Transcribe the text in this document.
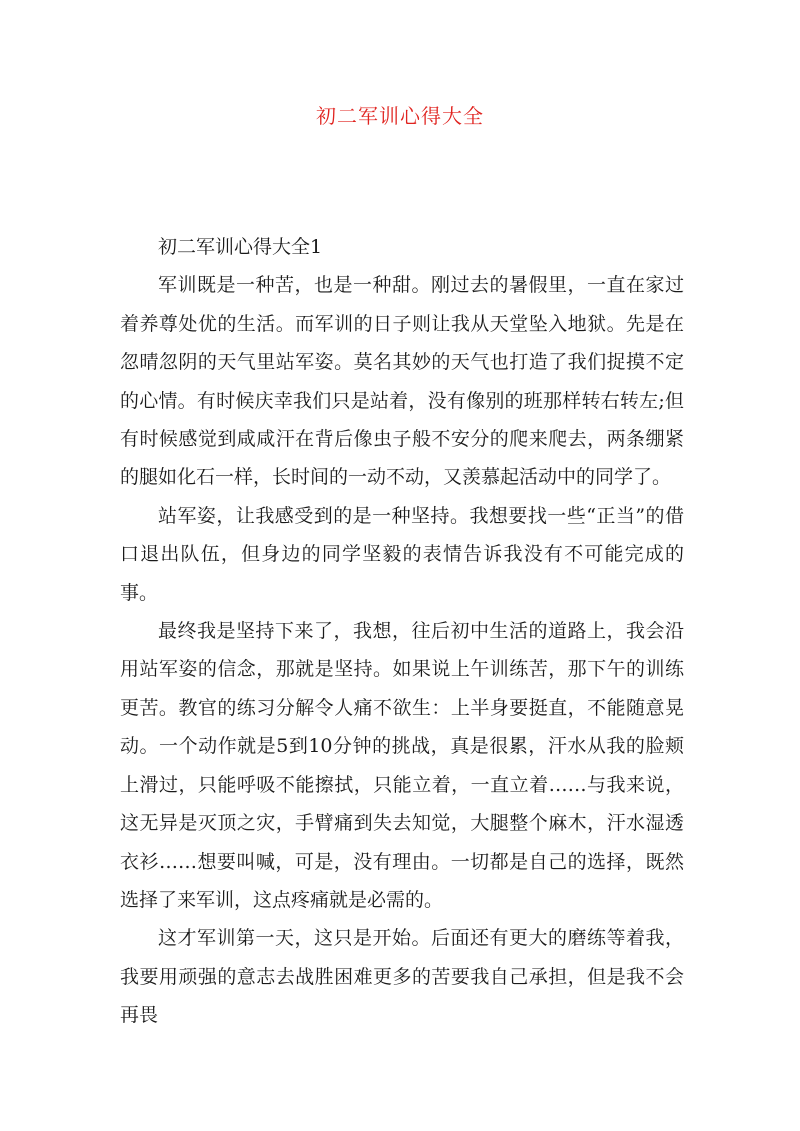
初二军训心得大全

初二军训心得大全1

军训既是一种苦，也是一种甜。刚过去的暑假里，一直在家过着养尊处优的生活。而军训的日子则让我从天堂坠入地狱。先是在忽晴忽阴的天气里站军姿。莫名其妙的天气也打造了我们捉摸不定的心情。有时候庆幸我们只是站着，没有像别的班那样转右转左;但有时候感觉到咸咸汗在背后像虫子般不安分的爬来爬去，两条绷紧的腿如化石一样，长时间的一动不动，又羡慕起活动中的同学了。

站军姿，让我感受到的是一种坚持。我想要找一些“正当”的借口退出队伍，但身边的同学坚毅的表情告诉我没有不可能完成的事。

最终我是坚持下来了，我想，往后初中生活的道路上，我会沿用站军姿的信念，那就是坚持。如果说上午训练苦，那下午的训练更苦。教官的练习分解令人痛不欲生：上半身要挺直，不能随意晃动。一个动作就是5到10分钟的挑战，真是很累，汗水从我的脸颊上滑过，只能呼吸不能擦拭，只能立着，一直立着……与我来说，这无异是灭顶之灾，手臂痛到失去知觉，大腿整个麻木，汗水湿透衣衫……想要叫喊，可是，没有理由。一切都是自己的选择，既然选择了来军训，这点疼痛就是必需的。

这才军训第一天，这只是开始。后面还有更大的磨练等着我，我要用顽强的意志去战胜困难更多的苦要我自己承担，但是我不会再畏
